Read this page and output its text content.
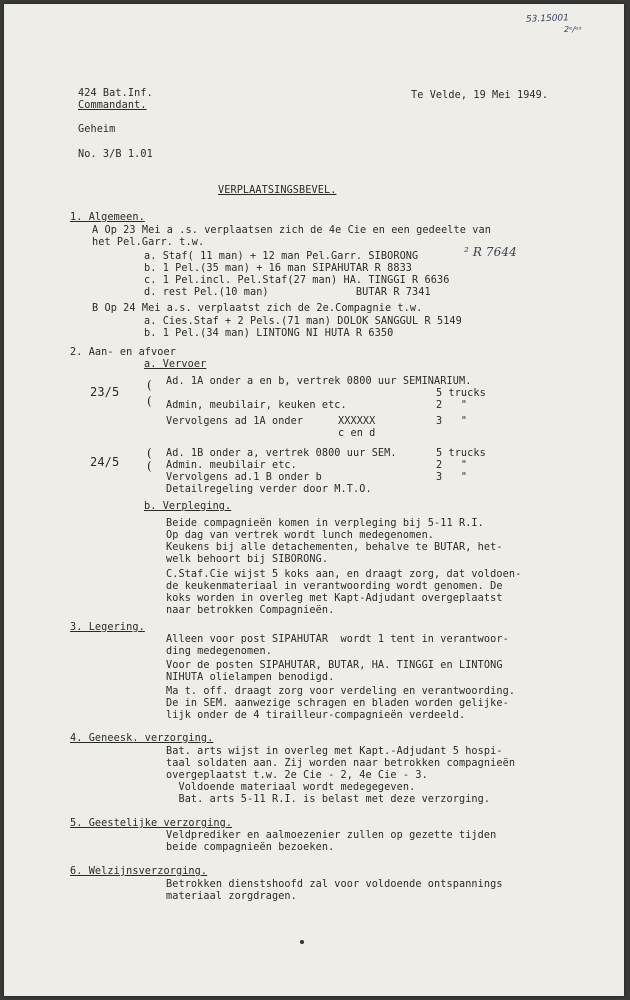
53.15001
2ᵉ/ᵉᵒ
424 Bat.Inf.
Commandant.
Te Velde, 19 Mei 1949.
Geheim
No. 3/B 1.01
VERPLAATSINGSBEVEL.
1. Algemeen.
A Op 23 Mei a .s. verplaatsen zich de 4e Cie en een gedeelte van
het Pel.Garr. t.w.
a. Staf( 11 man) + 12 man Pel.Garr. SIBORONG	² R 7644
b. 1 Pel.(35 man) + 16 man SIPAHUTAR R 8833
c. 1 Pel.incl. Pel.Staf(27 man) HA. TINGGI R 6636
d. rest Pel.(10 man)              BUTAR R 7341
B Op 24 Mei a.s. verplaatst zich de 2e.Compagnie t.w.
a. Cies.Staf + 2 Pels.(71 man) DOLOK SANGGUL R 5149
b. 1 Pel.(34 man) LINTONG NI HUTA R 6350
2. Aan- en afvoer
a. Vervoer
23/5 (
(
Ad. 1A onder a en b, vertrek 0800 uur SEMINARIUM.
Admin, meubilair, keuken etc.
Vervolgens ad 1A onder	XXXXXX
c en d
5 trucks
2   "
3   "
24/5
(
(
Ad. 1B onder a, vertrek 0800 uur SEM.
Admin. meubilair etc.
Vervolgens ad.1 B onder b
Detailregeling verder door M.T.O.
5 trucks
2   "
3   "
b. Verpleging.
Beide compagnieën komen in verpleging bij 5-11 R.I.
Op dag van vertrek wordt lunch medegenomen.
Keukens bij alle detachementen, behalve te BUTAR, het-
welk behoort bij SIBORONG.
C.Staf.Cie wijst 5 koks aan, en draagt zorg, dat voldoen-
de keukenmateriaal in verantwoording wordt genomen. De
koks worden in overleg met Kapt-Adjudant overgeplaatst
naar betrokken Compagnieën.
3. Legering.
Alleen voor post SIPAHUTAR  wordt 1 tent in verantwoor-
ding medegenomen.
Voor de posten SIPAHUTAR, BUTAR, HA. TINGGI en LINTONG
NIHUTA olielampen benodigd.
Ma t. off. draagt zorg voor verdeling en verantwoording.
De in SEM. aanwezige schragen en bladen worden gelijke-
lijk onder de 4 tirailleur-compagnieën verdeeld.
4. Geneesk. verzorging.
Bat. arts wijst in overleg met Kapt.-Adjudant 5 hospi-
taal soldaten aan. Zij worden naar betrokken compagnieën
overgeplaatst t.w. 2e Cie - 2, 4e Cie - 3.
Voldoende materiaal wordt medegegeven.
Bat. arts 5-11 R.I. is belast met deze verzorging.
5. Geestelijke verzorging.
Veldprediker en aalmoezenier zullen op gezette tijden
beide compagnieën bezoeken.
6. Welzijnsverzorging.
Betrokken dienstshoofd zal voor voldoende ontspannings
materiaal zorgdragen.
